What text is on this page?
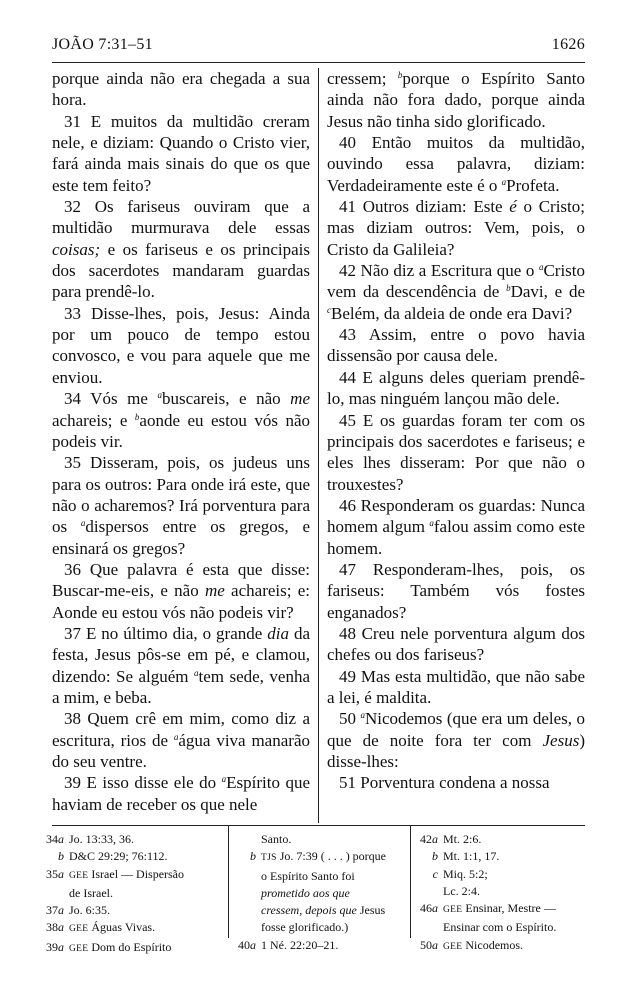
JOÃO 7:31–51	1626

porque ainda não era chegada a sua hora.

31 E muitos da multidão creram nele, e diziam: Quando o Cristo vier, fará ainda mais sinais do que os que este tem feito?

32 Os fariseus ouviram que a multidão murmurava dele essas coisas; e os fariseus e os principais dos sacerdotes mandaram guardas para prendê-lo.

33 Disse-lhes, pois, Jesus: Ainda por um pouco de tempo estou convosco, e vou para aquele que me enviou.

34 Vós me $^a$buscareis, e não me achareis; e $^b$aonde eu estou vós não podeis vir.

35 Disseram, pois, os judeus uns para os outros: Para onde irá este, que não o acharemos? Irá porventura para os $^a$dispersos entre os gregos, e ensinará os gregos?

36 Que palavra é esta que disse: Buscar-me-eis, e não me achareis; e: Aonde eu estou vós não podeis vir?

37 E no último dia, o grande dia da festa, Jesus pôs-se em pé, e clamou, dizendo: Se alguém $^a$tem sede, venha a mim, e beba.

38 Quem crê em mim, como diz a escritura, rios de $^a$água viva manarão do seu ventre.

39 E isso disse ele do $^a$Espírito que haviam de receber os que nele

cressem; $^b$porque o Espírito Santo ainda não fora dado, porque ainda Jesus não tinha sido glorificado.

40 Então muitos da multidão, ouvindo essa palavra, diziam: Verdadeiramente este é o $^a$Profeta.

41 Outros diziam: Este é o Cristo; mas diziam outros: Vem, pois, o Cristo da Galileia?

42 Não diz a Escritura que o $^a$Cristo vem da descendência de $^b$Davi, e de $^c$Belém, da aldeia de onde era Davi?

43 Assim, entre o povo havia dissensão por causa dele.

44 E alguns deles queriam prendê-lo, mas ninguém lançou mão dele.

45 E os guardas foram ter com os principais dos sacerdotes e fariseus; e eles lhes disseram: Por que não o trouxestes?

46 Responderam os guardas: Nunca homem algum $^a$falou assim como este homem.

47 Responderam-lhes, pois, os fariseus: Também vós fostes enganados?

48 Creu nele porventura algum dos chefes ou dos fariseus?

49 Mas esta multidão, que não sabe a lei, é maldita.

50 $^a$Nicodemos (que era um deles, o que de noite fora ter com Jesus) disse-lhes:

51 Porventura condena a nossa

34a Jo. 13:33, 36.
b D&C 29:29; 76:112.
35a GEE Israel — Dispersão
de Israel.
37a Jo. 6:35.
38a GEE Águas Vivas.
39a GEE Dom do Espírito
Santo.
b TJS Jo. 7:39 ( . . . ) porque
o Espírito Santo foi
prometido aos que
cressem, depois que Jesus
fosse glorificado.)
40a 1 Né. 22:20–21.
42a Mt. 2:6.
b Mt. 1:1, 17.
c Miq. 5:2;
Lc. 2:4.
46a GEE Ensinar, Mestre —
Ensinar com o Espírito.
50a GEE Nicodemos.
